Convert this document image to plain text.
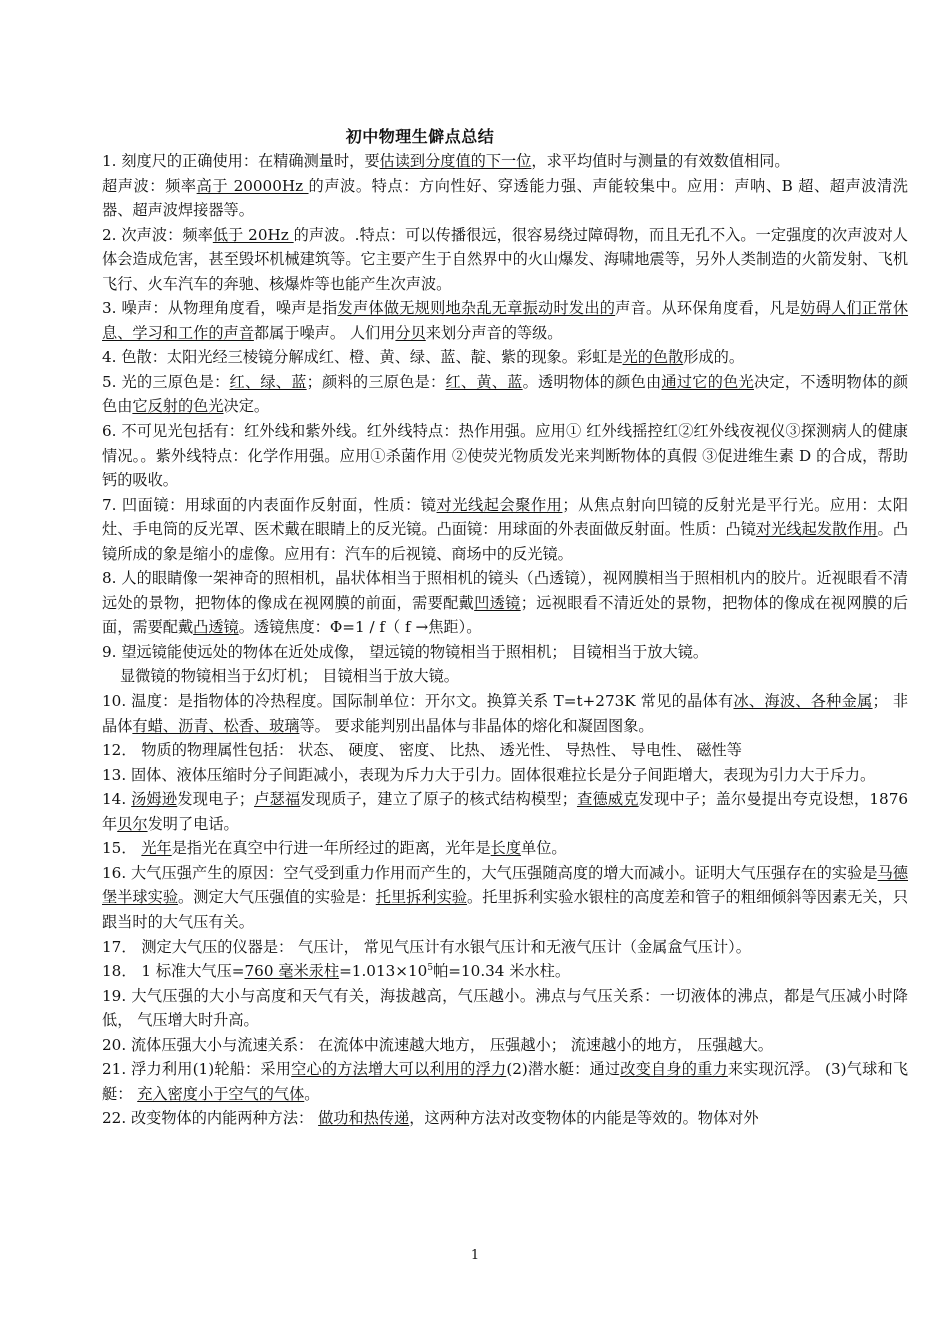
初中物理生僻点总结

1. 刻度尺的正确使用：在精确测量时，要估读到分度值的下一位，求平均值时与测量的有效数值相同。

超声波：频率高于 20000Hz 的声波。特点：方向性好、穿透能力强、声能较集中。应用：声呐、B 超、超声波清洗器、超声波焊接器等。

2. 次声波：频率低于 20Hz 的声波。.特点：可以传播很远，很容易绕过障碍物，而且无孔不入。一定强度的次声波对人体会造成危害，甚至毁坏机械建筑等。它主要产生于自然界中的火山爆发、海啸地震等，另外人类制造的火箭发射、飞机飞行、火车汽车的奔驰、核爆炸等也能产生次声波。

3. 噪声：从物理角度看，噪声是指发声体做无规则地杂乱无章振动时发出的声音。从环保角度看，凡是妨碍人们正常休息、学习和工作的声音都属于噪声。 人们用分贝来划分声音的等级。

4. 色散：太阳光经三棱镜分解成红、橙、黄、绿、蓝、靛、紫的现象。彩虹是光的色散形成的。

5. 光的三原色是：红、绿、蓝；颜料的三原色是：红、黄、蓝。透明物体的颜色由通过它的色光决定，不透明物体的颜色由它反射的色光决定。

6. 不可见光包括有：红外线和紫外线。红外线特点：热作用强。应用① 红外线摇控红②红外线夜视仪③探测病人的健康情况。。紫外线特点：化学作用强。应用①杀菌作用 ②使荧光物质发光来判断物体的真假 ③促进维生素 D 的合成，帮助钙的吸收。

7. 凹面镜：用球面的内表面作反射面，性质：镜对光线起会聚作用；从焦点射向凹镜的反射光是平行光。应用：太阳灶、手电筒的反光罩、医术戴在眼睛上的反光镜。凸面镜：用球面的外表面做反射面。性质：凸镜对光线起发散作用。凸镜所成的象是缩小的虚像。应用有：汽车的后视镜、商场中的反光镜。

8. 人的眼睛像一架神奇的照相机，晶状体相当于照相机的镜头（凸透镜），视网膜相当于照相机内的胶片。近视眼看不清远处的景物，把物体的像成在视网膜的前面，需要配戴凹透镜；远视眼看不清近处的景物，把物体的像成在视网膜的后面，需要配戴凸透镜。透镜焦度：Φ=1 / f（ f →焦距）。

9. 望远镜能使远处的物体在近处成像， 望远镜的物镜相当于照相机； 目镜相当于放大镜。

显微镜的物镜相当于幻灯机； 目镜相当于放大镜。

10. 温度：是指物体的冷热程度。国际制单位：开尔文。换算关系 T=t+273K 常见的晶体有冰、海波、各种金属； 非晶体有蜡、沥青、松香、玻璃等。 要求能判别出晶体与非晶体的熔化和凝固图象。

12． 物质的物理属性包括： 状态、 硬度、 密度、 比热、 透光性、 导热性、 导电性、 磁性等

13. 固体、液体压缩时分子间距减小，表现为斥力大于引力。固体很难拉长是分子间距增大，表现为引力大于斥力。

14. 汤姆逊发现电子；卢瑟福发现质子，建立了原子的核式结构模型；查德威克发现中子；盖尔曼提出夸克设想，1876 年贝尔发明了电话。

15． 光年是指光在真空中行进一年所经过的距离，光年是长度单位。

16. 大气压强产生的原因：空气受到重力作用而产生的，大气压强随高度的增大而减小。证明大气压强存在的实验是马德堡半球实验。测定大气压强值的实验是：托里拆利实验。托里拆利实验水银柱的高度差和管子的粗细倾斜等因素无关，只跟当时的大气压有关。

17． 测定大气压的仪器是： 气压计， 常见气压计有水银气压计和无液气压计（金属盒气压计）。

18． 1 标准大气压=760 毫米汞柱$=1.013\times 10^5$帕=10.34 米水柱。

19. 大气压强的大小与高度和天气有关，海拔越高，气压越小。沸点与气压关系：一切液体的沸点，都是气压减小时降低， 气压增大时升高。

20. 流体压强大小与流速关系： 在流体中流速越大地方， 压强越小； 流速越小的地方， 压强越大。

21. 浮力利用(1)轮船：采用空心的方法增大可以利用的浮力(2)潜水艇：通过改变自身的重力来实现沉浮。 (3)气球和飞艇： 充入密度小于空气的气体。

22. 改变物体的内能两种方法： 做功和热传递，这两种方法对改变物体的内能是等效的。物体对外

1
